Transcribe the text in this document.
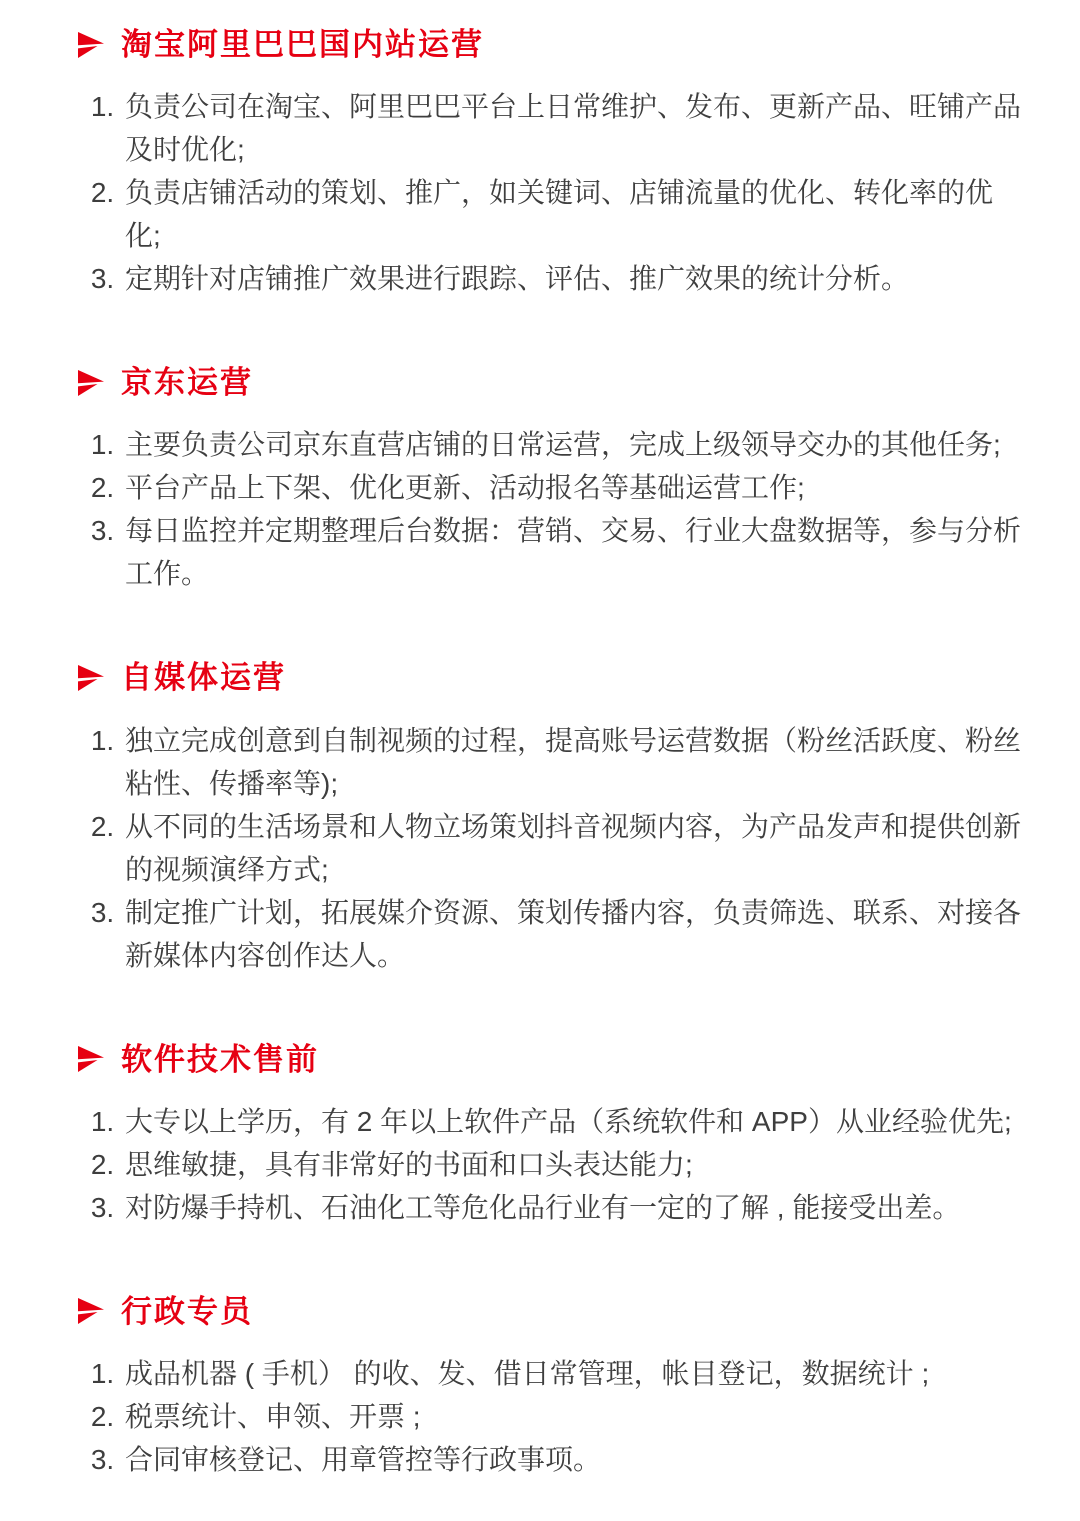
淘宝阿里巴巴国内站运营
1. 负责公司在淘宝、阿里巴巴平台上日常维护、发布、更新产品、旺铺产品及时优化;
2. 负责店铺活动的策划、推广，如关键词、店铺流量的优化、转化率的优化;
3. 定期针对店铺推广效果进行跟踪、评估、推广效果的统计分析。
京东运营
1. 主要负责公司京东直营店铺的日常运营，完成上级领导交办的其他任务;
2. 平台产品上下架、优化更新、活动报名等基础运营工作;
3. 每日监控并定期整理后台数据：营销、交易、行业大盘数据等，参与分析工作。
自媒体运营
1. 独立完成创意到自制视频的过程，提高账号运营数据（粉丝活跃度、粉丝粘性、传播率等);
2. 从不同的生活场景和人物立场策划抖音视频内容，为产品发声和提供创新的视频演绎方式;
3. 制定推广计划，拓展媒介资源、策划传播内容，负责筛选、联系、对接各新媒体内容创作达人。
软件技术售前
1. 大专以上学历，有 2 年以上软件产品（系统软件和 APP）从业经验优先;
2. 思维敏捷，具有非常好的书面和口头表达能力;
3. 对防爆手持机、石油化工等危化品行业有一定的了解 , 能接受出差。
行政专员
1. 成品机器 ( 手机） 的收、发、借日常管理，帐目登记，数据统计 ;
2. 税票统计、申领、开票 ;
3. 合同审核登记、用章管控等行政事项。
